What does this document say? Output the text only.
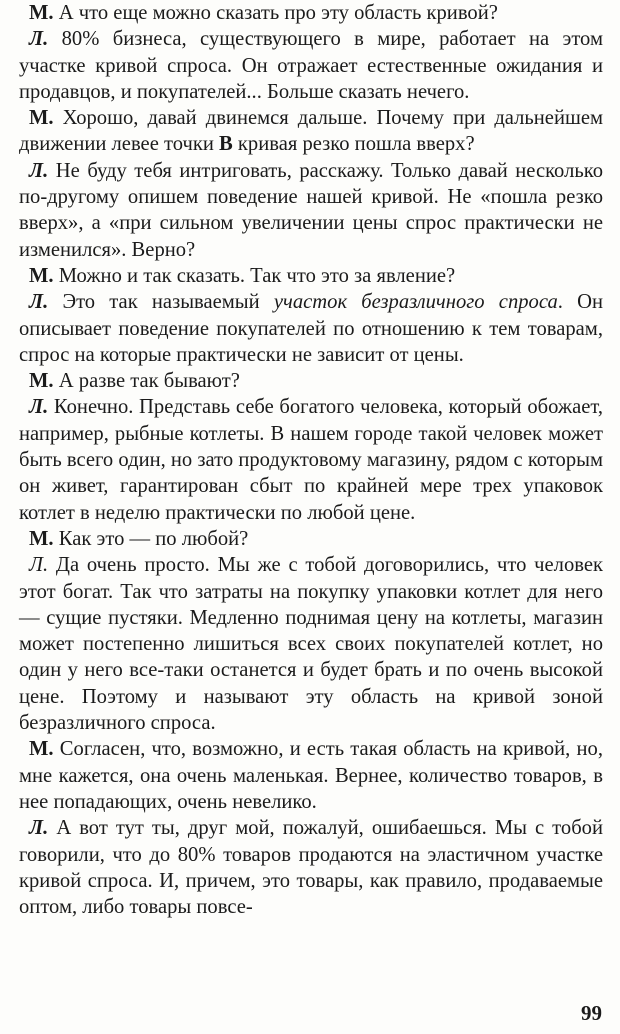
М. А что еще можно сказать про эту область кривой?

Л. 80% бизнеса, существующего в мире, работает на этом участке кривой спроса. Он отражает естественные ожидания и продавцов, и покупателей... Больше сказать нечего.

М. Хорошо, давай двинемся дальше. Почему при дальнейшем движении левее точки В кривая резко пошла вверх?

Л. Не буду тебя интриговать, расскажу. Только давай несколько по-другому опишем поведение нашей кривой. Не «пошла резко вверх», а «при сильном увеличении цены спрос практически не изменился». Верно?

М. Можно и так сказать. Так что это за явление?

Л. Это так называемый участок безразличного спроса. Он описывает поведение покупателей по отношению к тем товарам, спрос на которые практически не зависит от цены.

М. А разве так бывают?

Л. Конечно. Представь себе богатого человека, который обожает, например, рыбные котлеты. В нашем городе такой человек может быть всего один, но зато продуктовому магазину, рядом с которым он живет, гарантирован сбыт по крайней мере трех упаковок котлет в неделю практически по любой цене.

М. Как это — по любой?

Л. Да очень просто. Мы же с тобой договорились, что человек этот богат. Так что затраты на покупку упаковки котлет для него — сущие пустяки. Медленно поднимая цену на котлеты, магазин может постепенно лишиться всех своих покупателей котлет, но один у него все-таки останется и будет брать и по очень высокой цене. Поэтому и называют эту область на кривой зоной безразличного спроса.

М. Согласен, что, возможно, и есть такая область на кривой, но, мне кажется, она очень маленькая. Вернее, количество товаров, в нее попадающих, очень невелико.

Л. А вот тут ты, друг мой, пожалуй, ошибаешься. Мы с тобой говорили, что до 80% товаров продаются на эластичном участке кривой спроса. И, причем, это товары, как правило, продаваемые оптом, либо товары повсе-

99
